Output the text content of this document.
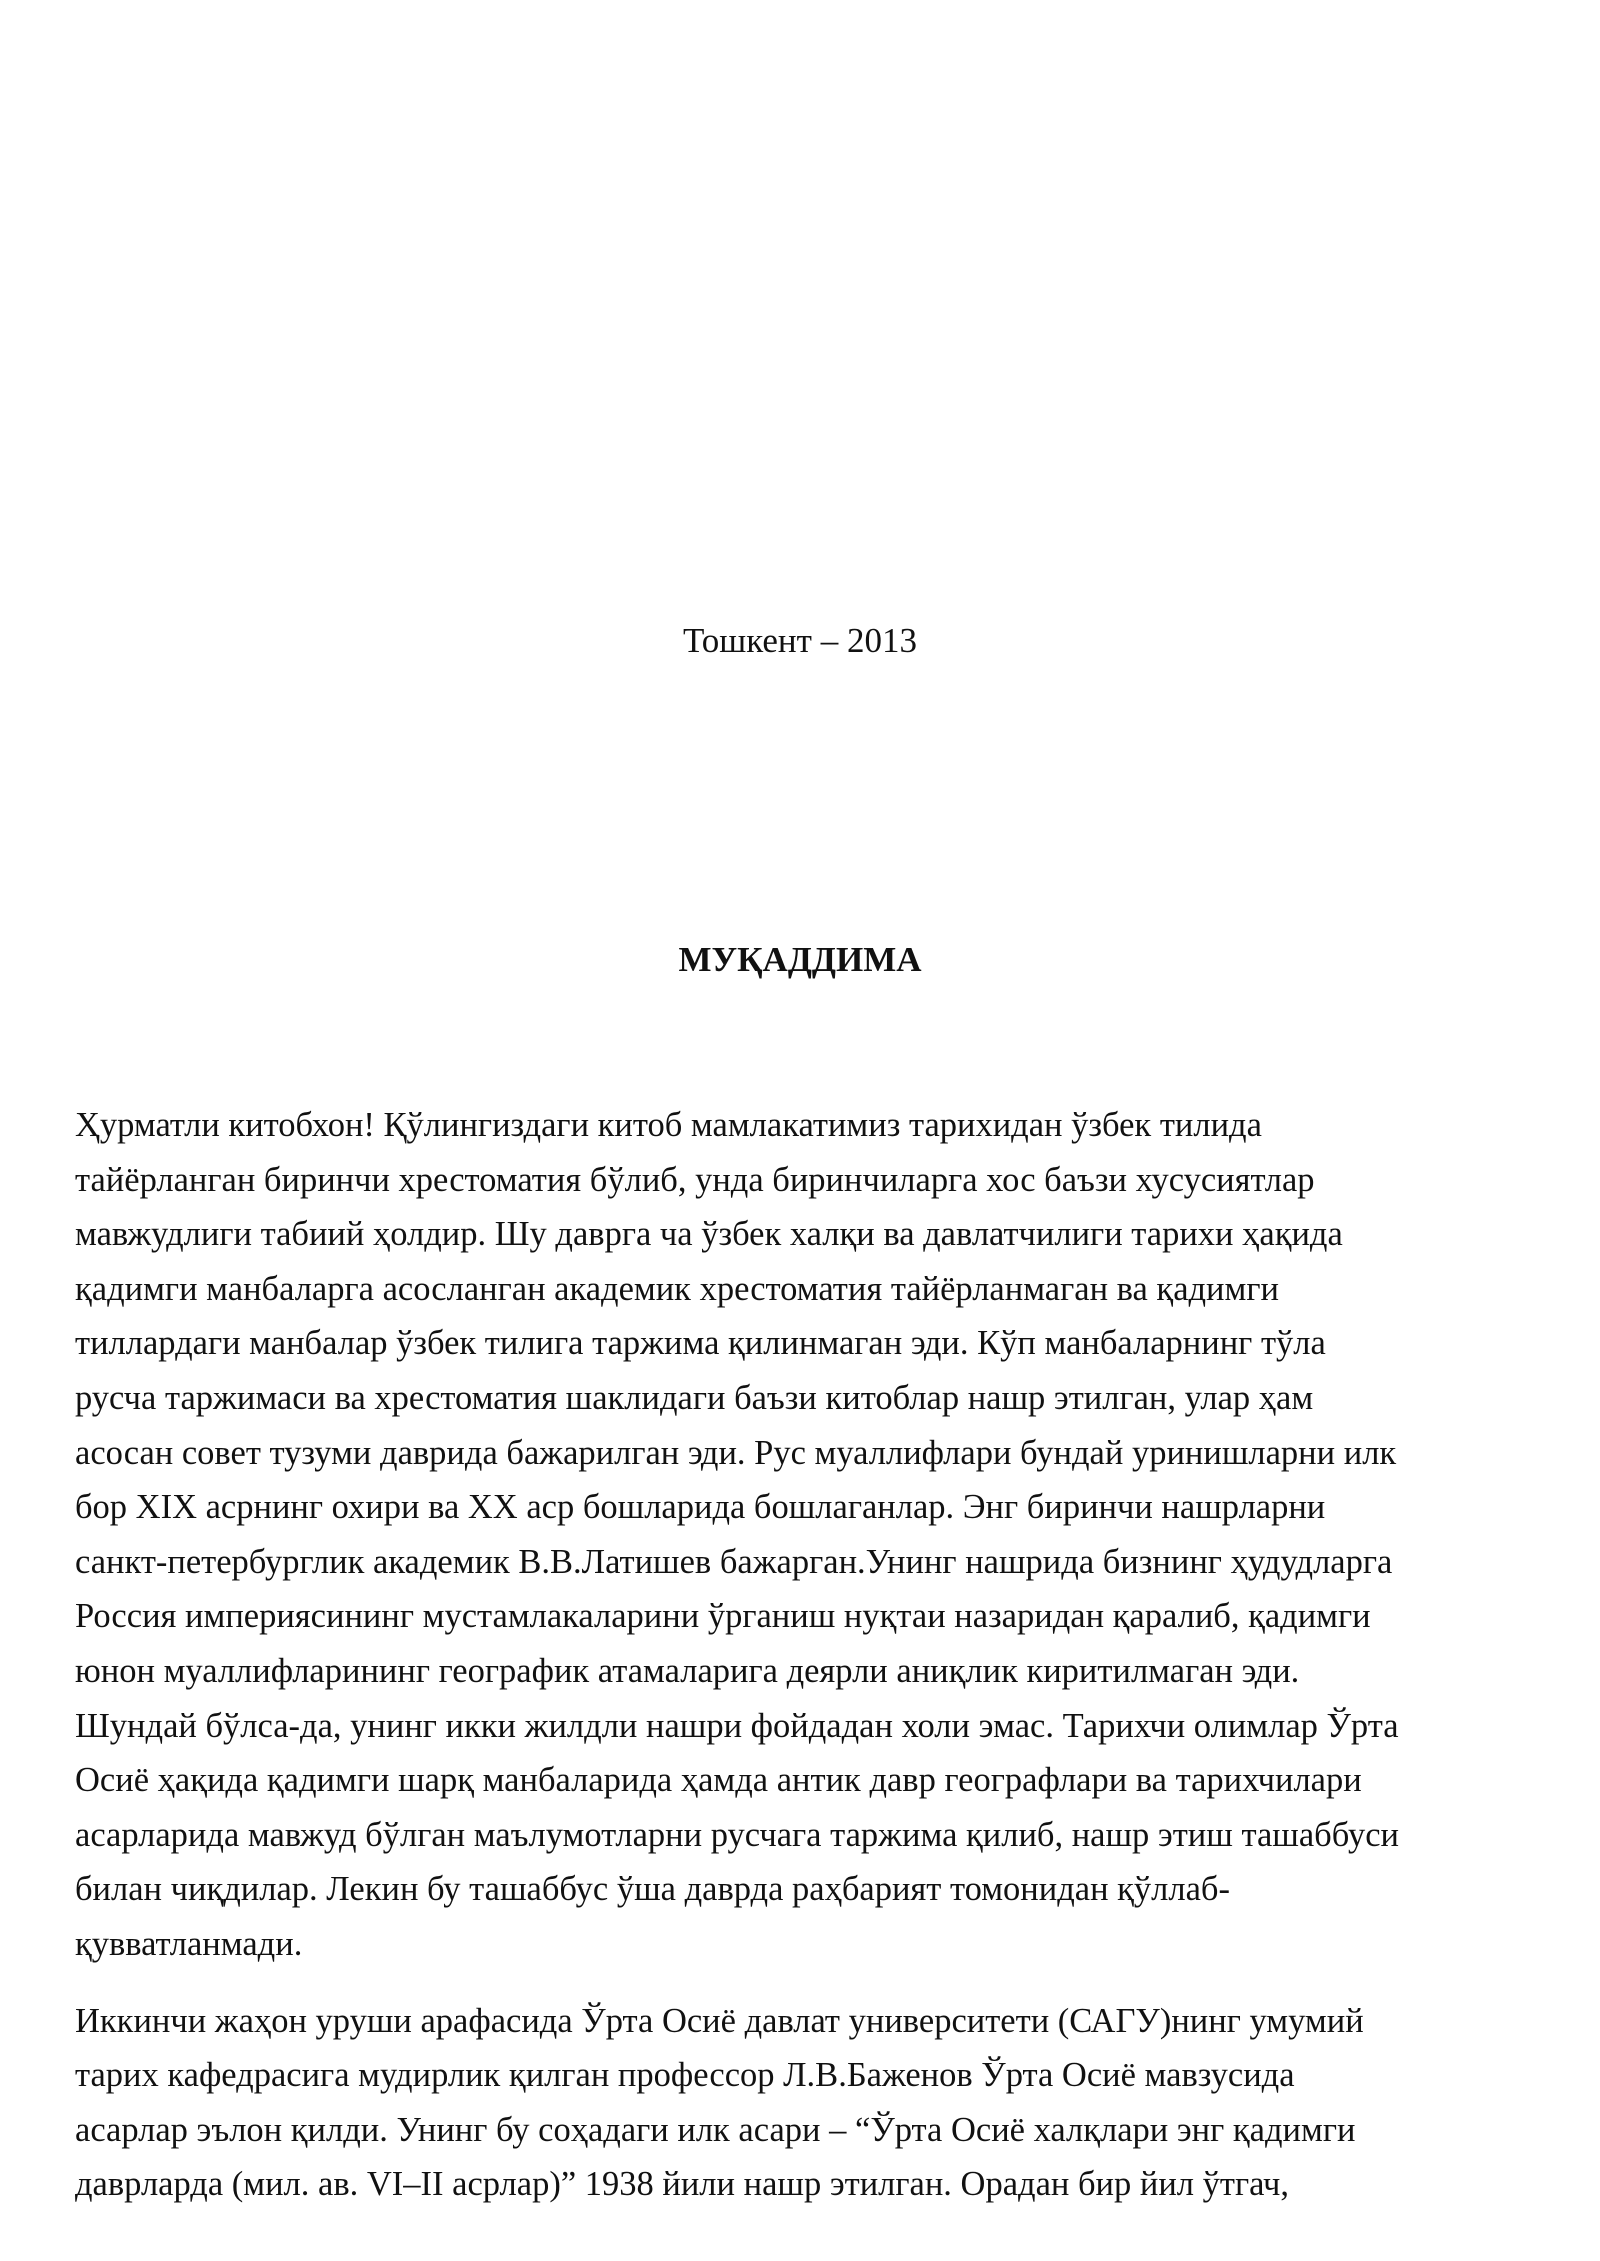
Тошкент – 2013

МУҚАДДИМА

Ҳурматли китобхон! Қўлингиздаги китоб мамлакатимиз тарихидан ўзбек тилида
тайёрланган биринчи хрестоматия бўлиб, унда биринчиларга хос баъзи хусусиятлар
мавжудлиги табиий ҳолдир. Шу даврга ча ўзбек халқи ва давлатчилиги тарихи ҳақида
қадимги манбаларга асосланган академик хрестоматия тайёрланмаган ва қадимги
тиллардаги манбалар ўзбек тилига таржима қилинмаган эди. Кўп манбаларнинг тўла
русча таржимаси ва хрестоматия шаклидаги баъзи китоблар нашр этилган, улар ҳам
асосан совет тузуми даврида бажарилган эди. Рус муаллифлари бундай уринишларни илк
бор XIX асрнинг охири ва XX аср бошларида бошлаганлар. Энг биринчи нашрларни
санкт-петербурглик академик В.В.Латишев бажарган.Унинг нашрида бизнинг ҳудудларга
Россия империясининг мустамлакаларини ўрганиш нуқтаи назаридан қаралиб, қадимги
юнон муаллифларининг географик атамаларига деярли аниқлик киритилмаган эди.
Шундай бўлса-да, унинг икки жилдли нашри фойдадан холи эмас. Тарихчи олимлар Ўрта
Осиё ҳақида қадимги шарқ манбаларида ҳамда антик давр географлари ва тарихчилари
асарларида мавжуд бўлган маълумотларни русчага таржима қилиб, нашр этиш ташаббуси
билан чиқдилар. Лекин бу ташаббус ўша даврда раҳбарият томонидан қўллаб-
қувватланмади.

Иккинчи жаҳон уруши арафасида Ўрта Осиё давлат университети (САГУ)нинг умумий
тарих кафедрасига мудирлик қилган профессор Л.В.Баженов Ўрта Осиё мавзусида
асарлар эълон қилди. Унинг бу соҳадаги илк асари – “Ўрта Осиё халқлари энг қадимги
даврларда (мил. ав. VI–II асрлар)” 1938 йили нашр этилган. Орадан бир йил ўтгач,
